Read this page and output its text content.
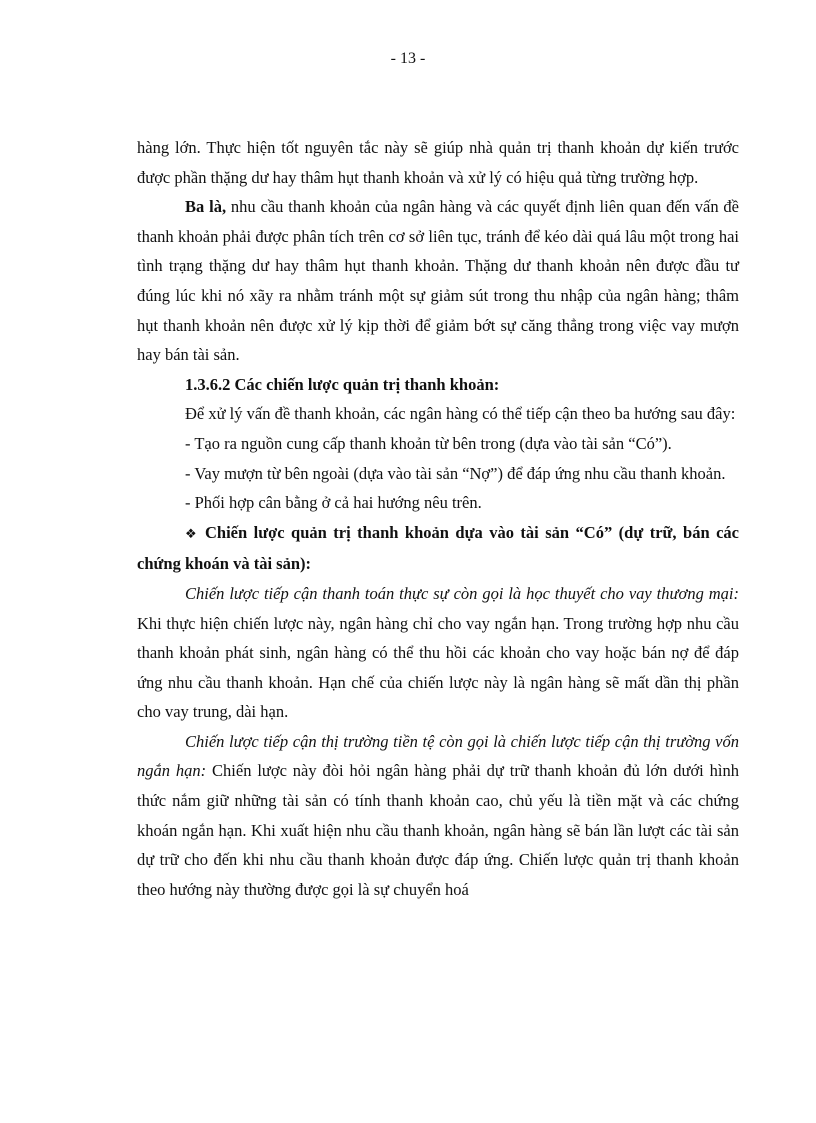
- 13 -

hàng lớn. Thực hiện tốt nguyên tắc này sẽ giúp nhà quản trị thanh khoản dự kiến trước được phần thặng dư hay thâm hụt thanh khoản và xử lý có hiệu quả từng trường hợp.

Ba là, nhu cầu thanh khoản của ngân hàng và các quyết định liên quan đến vấn đề thanh khoản phải được phân tích trên cơ sở liên tục, tránh để kéo dài quá lâu một trong hai tình trạng thặng dư hay thâm hụt thanh khoản. Thặng dư thanh khoản nên được đầu tư đúng lúc khi nó xãy ra nhằm tránh một sự giảm sút trong thu nhập của ngân hàng; thâm hụt thanh khoản nên được xử lý kịp thời để giảm bớt sự căng thẳng trong việc vay mượn hay bán tài sản.

1.3.6.2 Các chiến lược quản trị thanh khoản:

Để xử lý vấn đề thanh khoản, các ngân hàng có thể tiếp cận theo ba hướng sau đây:

- Tạo ra nguồn cung cấp thanh khoản từ bên trong (dựa vào tài sản “Có”).

- Vay mượn từ bên ngoài (dựa vào tài sản “Nợ”) để đáp ứng nhu cầu thanh khoản.

- Phối hợp cân bằng ở cả hai hướng nêu trên.

❖ Chiến lược quản trị thanh khoản dựa vào tài sản “Có” (dự trữ, bán các chứng khoán và tài sản):

Chiến lược tiếp cận thanh toán thực sự còn gọi là học thuyết cho vay thương mại: Khi thực hiện chiến lược này, ngân hàng chỉ cho vay ngắn hạn. Trong trường hợp nhu cầu thanh khoản phát sinh, ngân hàng có thể thu hồi các khoản cho vay hoặc bán nợ để đáp ứng nhu cầu thanh khoản. Hạn chế của chiến lược này là ngân hàng sẽ mất dần thị phần cho vay trung, dài hạn.

Chiến lược tiếp cận thị trường tiền tệ còn gọi là chiến lược tiếp cận thị trường vốn ngắn hạn: Chiến lược này đòi hỏi ngân hàng phải dự trữ thanh khoản đủ lớn dưới hình thức nắm giữ những tài sản có tính thanh khoản cao, chủ yếu là tiền mặt và các chứng khoán ngắn hạn. Khi xuất hiện nhu cầu thanh khoản, ngân hàng sẽ bán lần lượt các tài sản dự trữ cho đến khi nhu cầu thanh khoản được đáp ứng. Chiến lược quản trị thanh khoản theo hướng này thường được gọi là sự chuyển hoá
